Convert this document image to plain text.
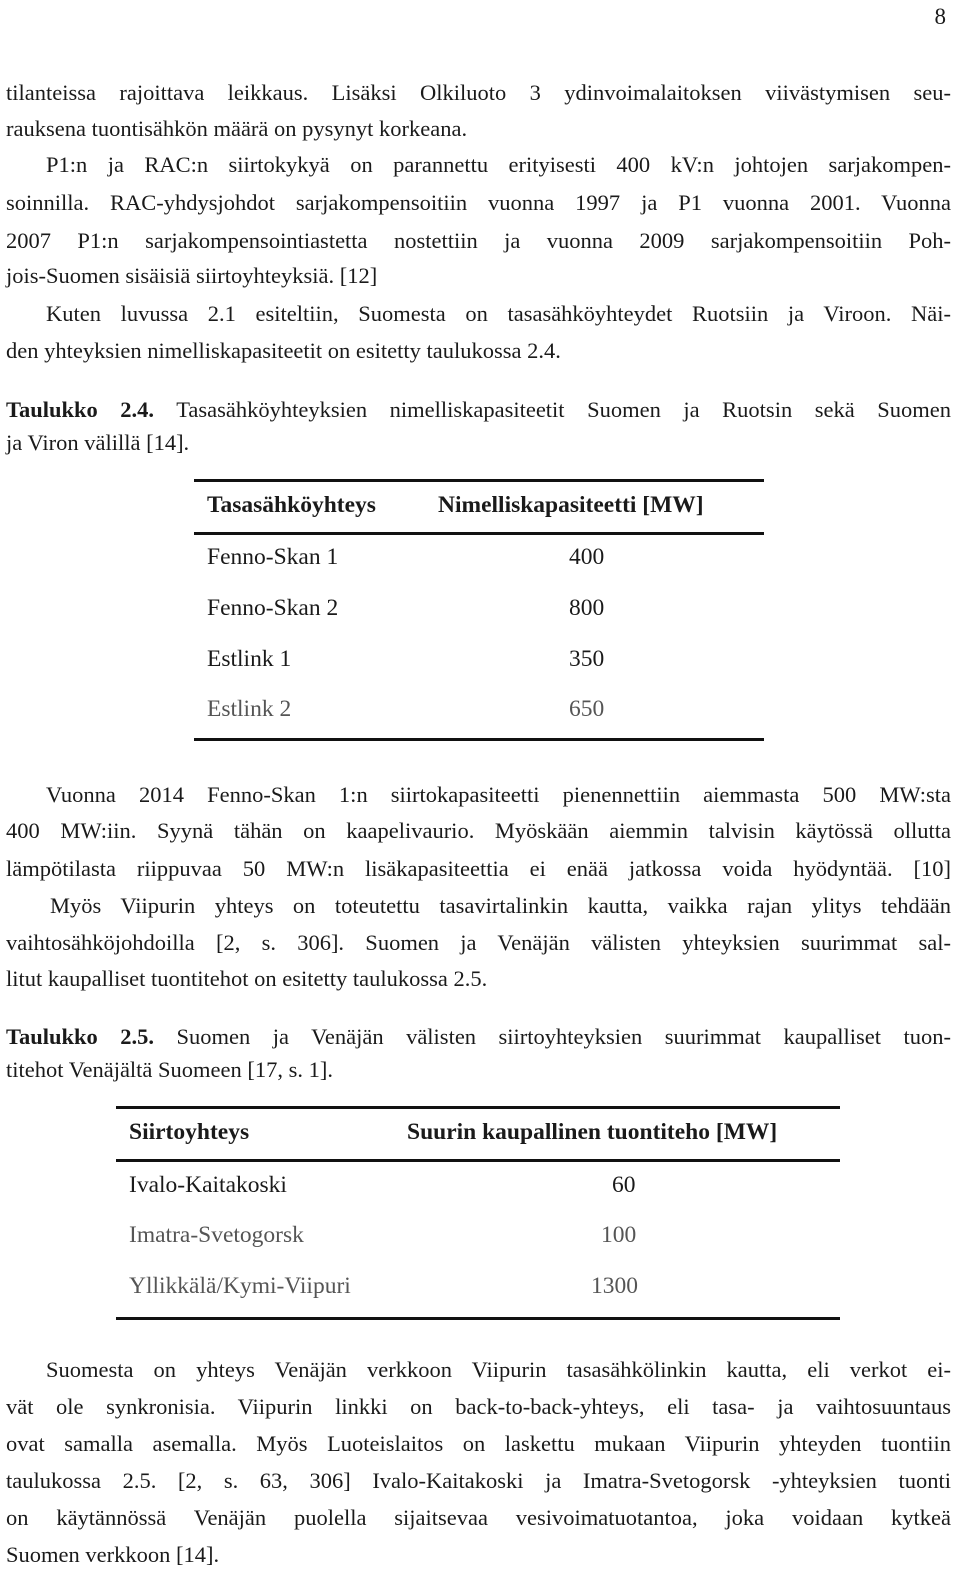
8
tilanteissa rajoittava leikkaus. Lisäksi Olkiluoto 3 ydinvoimalaitoksen viivästymisen seu-
rauksena tuontisähkön määrä on pysynyt korkeana.
P1:n ja RAC:n siirtokykyä on parannettu erityisesti 400 kV:n johtojen sarjakompen-
soinnilla. RAC-yhdysjohdot sarjakompensoitiin vuonna 1997 ja P1 vuonna 2001. Vuonna
2007 P1:n sarjakompensointiastetta nostettiin ja vuonna 2009 sarjakompensoitiin Poh-
jois-Suomen sisäisiä siirtoyhteyksiä. [12]
Kuten luvussa 2.1 esiteltiin, Suomesta on tasasähköyhteydet Ruotsiin ja Viroon. Näi-
den yhteyksien nimelliskapasiteetit on esitetty taulukossa 2.4.
Taulukko 2.4. Tasasähköyhteyksien nimelliskapasiteetit Suomen ja Ruotsin sekä Suomen
ja Viron välillä [14].
Tasasähköyhteys	Nimelliskapasiteetti [MW]
Fenno-Skan 1	400
Fenno-Skan 2	800
Estlink 1	350
Estlink 2	650
Vuonna 2014 Fenno-Skan 1:n siirtokapasiteetti pienennettiin aiemmasta 500 MW:sta
400 MW:iin. Syynä tähän on kaapelivaurio. Myöskään aiemmin talvisin käytössä ollutta
lämpötilasta riippuvaa 50 MW:n lisäkapasiteettia ei enää jatkossa voida hyödyntää. [10]
Myös Viipurin yhteys on toteutettu tasavirtalinkin kautta, vaikka rajan ylitys tehdään
vaihtosähköjohdoilla [2, s. 306]. Suomen ja Venäjän välisten yhteyksien suurimmat sal-
litut kaupalliset tuontitehot on esitetty taulukossa 2.5.
Taulukko 2.5. Suomen ja Venäjän välisten siirtoyhteyksien suurimmat kaupalliset tuon-
titehot Venäjältä Suomeen [17, s. 1].
Siirtoyhteys	Suurin kaupallinen tuontiteho [MW]
Ivalo-Kaitakoski	60
Imatra-Svetogorsk	100
Yllikkälä/Kymi-Viipuri	1300
Suomesta on yhteys Venäjän verkkoon Viipurin tasasähkölinkin kautta, eli verkot ei-
vät ole synkronisia. Viipurin linkki on back-to-back-yhteys, eli tasa- ja vaihtosuuntaus
ovat samalla asemalla. Myös Luoteislaitos on laskettu mukaan Viipurin yhteyden tuontiin
taulukossa 2.5. [2, s. 63, 306] Ivalo-Kaitakoski ja Imatra-Svetogorsk -yhteyksien tuonti
on käytännössä Venäjän puolella sijaitsevaa vesivoimatuotantoa, joka voidaan kytkeä
Suomen verkkoon [14].
